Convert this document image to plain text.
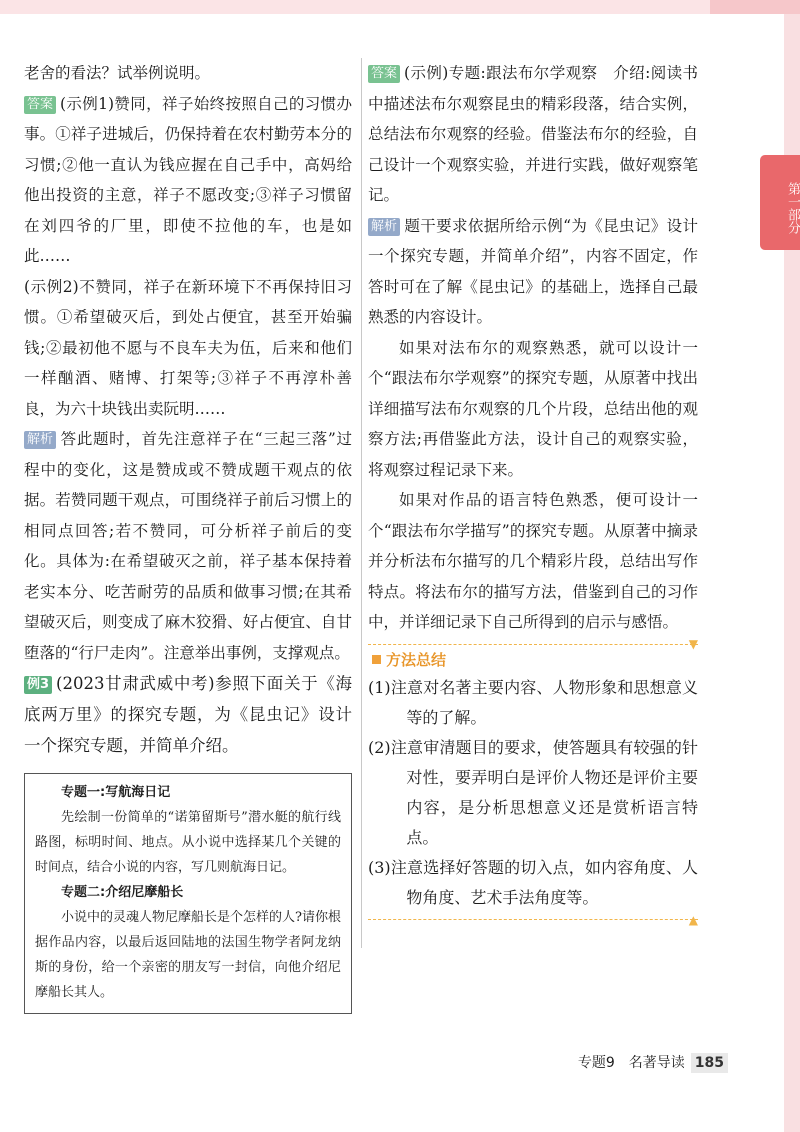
第一部分

老舍的看法？试举例说明。

答案 (示例1)赞同，祥子始终按照自己的习惯办事。①祥子进城后，仍保持着在农村勤劳本分的习惯;②他一直认为钱应握在自己手中，高妈给他出投资的主意，祥子不愿改变;③祥子习惯留在刘四爷的厂里，即使不拉他的车，也是如此……

(示例2)不赞同，祥子在新环境下不再保持旧习惯。①希望破灭后，到处占便宜，甚至开始骗钱;②最初他不愿与不良车夫为伍，后来和他们一样酗酒、赌博、打架等;③祥子不再淳朴善良，为六十块钱出卖阮明……

解析 答此题时，首先注意祥子在“三起三落”过程中的变化，这是赞成或不赞成题干观点的依据。若赞同题干观点，可围绕祥子前后习惯上的相同点回答;若不赞同，可分析祥子前后的变化。具体为:在希望破灭之前，祥子基本保持着老实本分、吃苦耐劳的品质和做事习惯;在其希望破灭后，则变成了麻木狡猾、好占便宜、自甘堕落的“行尸走肉”。注意举出事例，支撑观点。

例3 (2023甘肃武威中考)参照下面关于《海底两万里》的探究专题，为《昆虫记》设计一个探究专题，并简单介绍。

专题一:写航海日记
先绘制一份简单的“诺第留斯号”潜水艇的航行线路图，标明时间、地点。从小说中选择某几个关键的时间点，结合小说的内容，写几则航海日记。
专题二:介绍尼摩船长
小说中的灵魂人物尼摩船长是个怎样的人?请你根据作品内容，以最后返回陆地的法国生物学者阿龙纳斯的身份，给一个亲密的朋友写一封信，向他介绍尼摩船长其人。

答案 (示例)专题:跟法布尔学观察　介绍:阅读书中描述法布尔观察昆虫的精彩段落，结合实例，总结法布尔观察的经验。借鉴法布尔的经验，自己设计一个观察实验，并进行实践，做好观察笔记。

解析 题干要求依据所给示例“为《昆虫记》设计一个探究专题，并简单介绍”，内容不固定，作答时可在了解《昆虫记》的基础上，选择自己最熟悉的内容设计。

如果对法布尔的观察熟悉，就可以设计一个“跟法布尔学观察”的探究专题，从原著中找出详细描写法布尔观察的几个片段，总结出他的观察方法;再借鉴此方法，设计自己的观察实验，将观察过程记录下来。

如果对作品的语言特色熟悉，便可设计一个“跟法布尔学描写”的探究专题。从原著中摘录并分析法布尔描写的几个精彩片段，总结出写作特点。将法布尔的描写方法，借鉴到自己的习作中，并详细记录下自己所得到的启示与感悟。

▼
方法总结
(1)注意对名著主要内容、人物形象和思想意义等的了解。
(2)注意审清题目的要求，使答题具有较强的针对性，要弄明白是评价人物还是评价主要内容，是分析思想意义还是赏析语言特点。
(3)注意选择好答题的切入点，如内容角度、人物角度、艺术手法角度等。
▲
专题9　名著导读 185
